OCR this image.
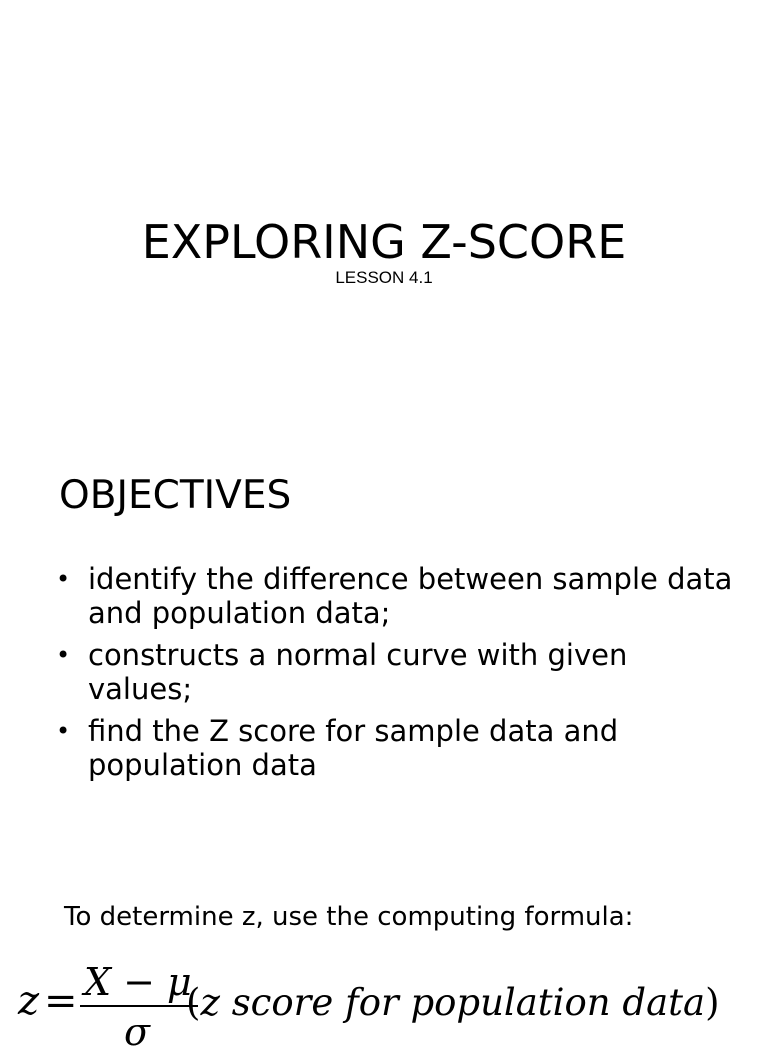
EXPLORING Z-SCORE

LESSON 4.1

OBJECTIVES
• identify the difference between sample data and population data;
• constructs a normal curve with given values;
• find the Z score for sample data and population data

To determine z, use the computing formula:

z = X − μ
σ
(z score for population data)
